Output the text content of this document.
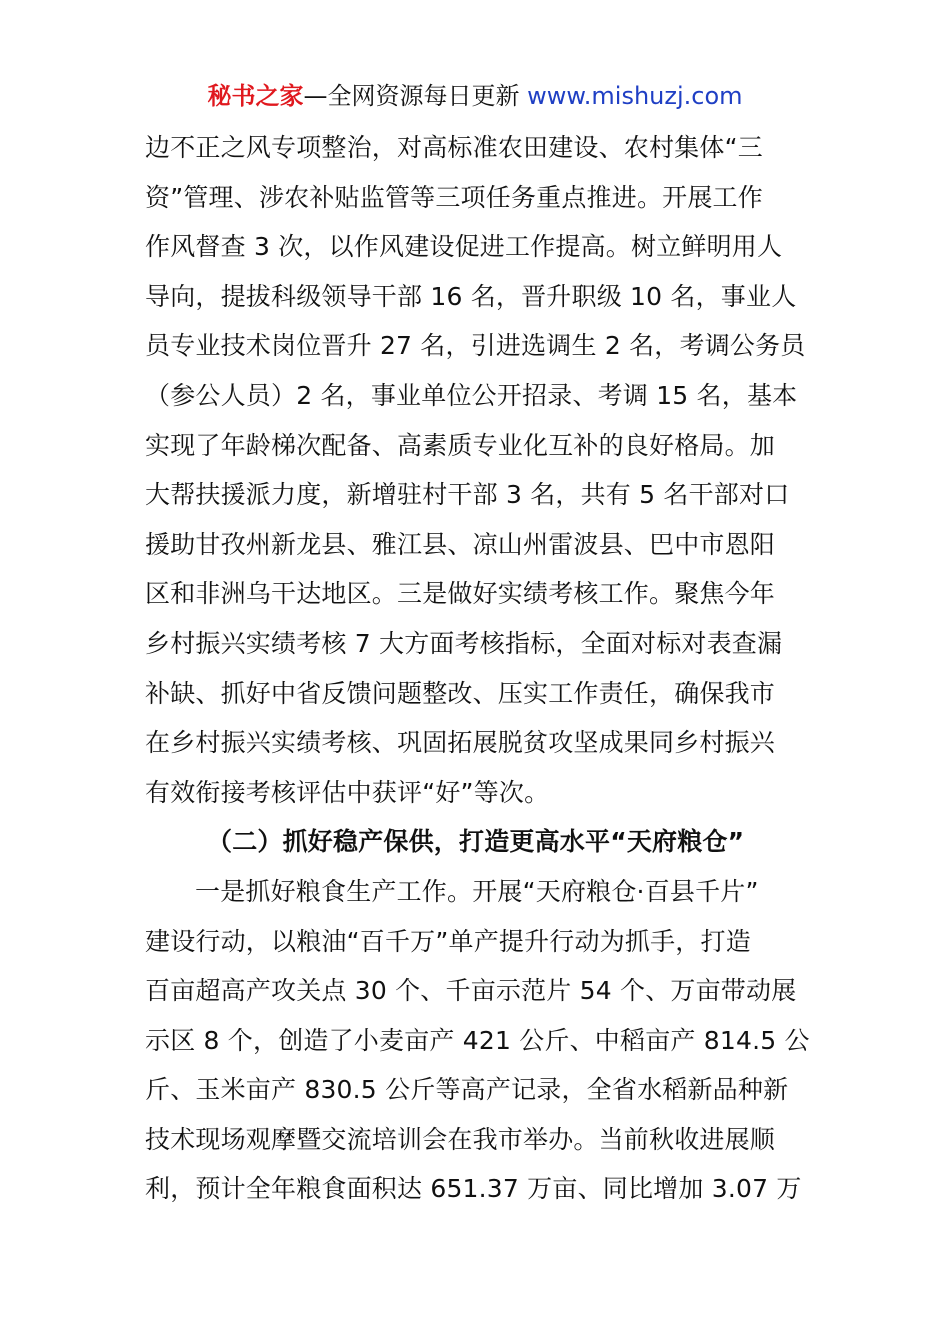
秘书之家—全网资源每日更新 www.mishuzj.com
边不正之风专项整治，对高标准农田建设、农村集体“三
资”管理、涉农补贴监管等三项任务重点推进。开展工作
作风督查 3 次，以作风建设促进工作提高。树立鲜明用人
导向，提拔科级领导干部 16 名，晋升职级 10 名，事业人
员专业技术岗位晋升 27 名，引进选调生 2 名，考调公务员
（参公人员）2 名，事业单位公开招录、考调 15 名，基本
实现了年龄梯次配备、高素质专业化互补的良好格局。加
大帮扶援派力度，新增驻村干部 3 名，共有 5 名干部对口
援助甘孜州新龙县、雅江县、凉山州雷波县、巴中市恩阳
区和非洲乌干达地区。三是做好实绩考核工作。聚焦今年
乡村振兴实绩考核 7 大方面考核指标，全面对标对表查漏
补缺、抓好中省反馈问题整改、压实工作责任，确保我市
在乡村振兴实绩考核、巩固拓展脱贫攻坚成果同乡村振兴
有效衔接考核评估中获评“好”等次。
（二）抓好稳产保供，打造更高水平“天府粮仓”
一是抓好粮食生产工作。开展“天府粮仓·百县千片”
建设行动，以粮油“百千万”单产提升行动为抓手，打造
百亩超高产攻关点 30 个、千亩示范片 54 个、万亩带动展
示区 8 个，创造了小麦亩产 421 公斤、中稻亩产 814.5 公
斤、玉米亩产 830.5 公斤等高产记录，全省水稻新品种新
技术现场观摩暨交流培训会在我市举办。当前秋收进展顺
利，预计全年粮食面积达 651.37 万亩、同比增加 3.07 万
